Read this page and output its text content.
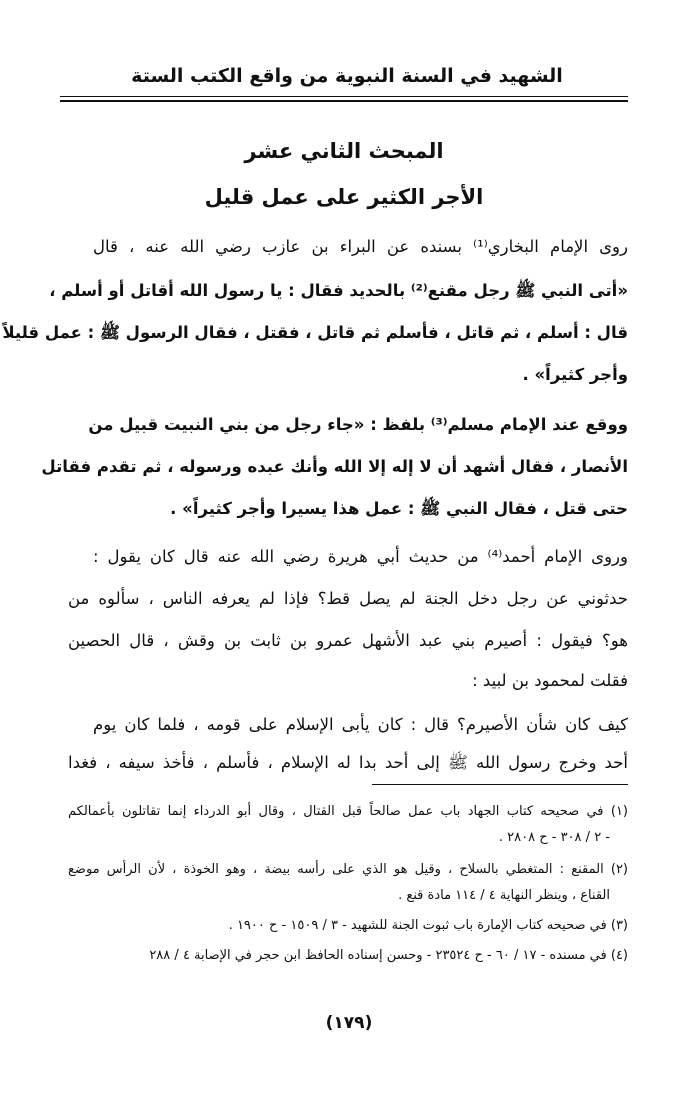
الشهيد في السنة النبوية من واقع الكتب الستة
المبحث الثاني عشر
الأجر الكثير على عمل قليل
روى الإمام البخاري⁽¹⁾ بسنده عن البراء بن عازب رضي الله عنه ، قال
«أتى النبي ﷺ رجل مقنع⁽²⁾ بالحديد فقال : يا رسول الله أقاتل أو أسلم ،
قال : أسلم ، ثم قاتل ، فأسلم ثم قاتل ، فقتل ، فقال الرسول ﷺ : عمل قليلاً
وأجر كثيراً» .
ووقع عند الإمام مسلم⁽³⁾ بلفظ : «جاء رجل من بني النبيت قبيل من
الأنصار ، فقال أشهد أن لا إله إلا الله وأنك عبده ورسوله ، ثم تقدم فقاتل
حتى قتل ، فقال النبي ﷺ : عمل هذا يسيرا وأجر كثيراً» .
وروى الإمام أحمد⁽⁴⁾ من حديث أبي هريرة رضي الله عنه قال كان يقول :
حدثوني عن رجل دخل الجنة لم يصل قط؟ فإذا لم يعرفه الناس ، سألوه من
هو؟ فيقول : أصيرم بني عبد الأشهل عمرو بن ثابت بن وقش ، قال الحصين
فقلت لمحمود بن لبيد :
كيف كان شأن الأصيرم؟ قال : كان يأبى الإسلام على قومه ، فلما كان يوم
أحد وخرج رسول الله ﷺ إلى أحد بدا له الإسلام ، فأسلم ، فأخذ سيفه ، فغدا
(١) في صحيحه كتاب الجهاد باب عمل صالحاً قبل القتال ، وقال أبو الدرداء إنما تقاتلون بأعمالكم
- ٢ / ٣٠٨ - ح ٢٨٠٨ .
(٢) المقنع : المتغطي بالسلاح ، وقيل هو الذي على رأسه بيضة ، وهو الخوذة ، لأن الرأس موضع
القناع ، وينظر النهاية ٤ / ١١٤ مادة قنع .
(٣) في صحيحه كتاب الإمارة باب ثبوت الجنة للشهيد - ٣ / ١٥٠٩ - ح ١٩٠٠ .
(٤) في مسنده - ١٧ / ٦٠ - ح ٢٣٥٢٤ - وحسن إسناده الحافظ ابن حجر في الإصابة ٤ / ٢٨٨
(١٧٩)
